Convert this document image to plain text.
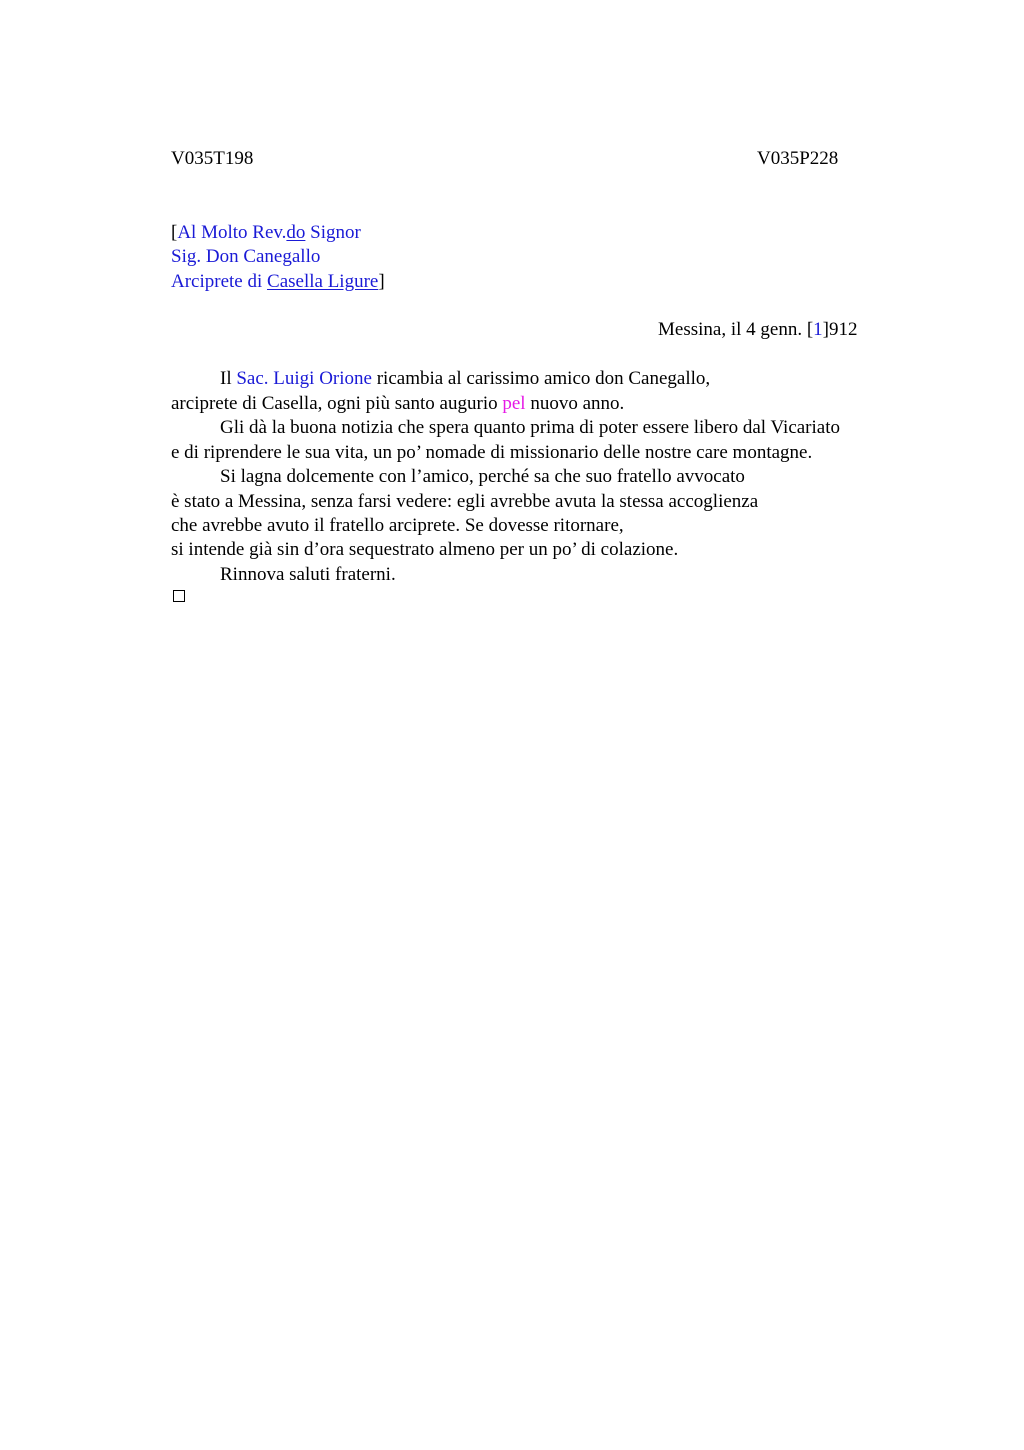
V035T198	V035P228
[Al Molto Rev.do Signor
Sig. Don Canegallo
Arciprete di Casella Ligure]
Messina, il 4 genn. [1]912
Il Sac. Luigi Orione ricambia al carissimo amico don Canegallo,
arciprete di Casella, ogni più santo augurio pel nuovo anno.
Gli dà la buona notizia che spera quanto prima di poter essere libero dal Vicariato
e di riprendere le sua vita, un po’ nomade di missionario delle nostre care montagne.
Si lagna dolcemente con l’amico, perché sa che suo fratello avvocato
è stato a Messina, senza farsi vedere: egli avrebbe avuta la stessa accoglienza
che avrebbe avuto il fratello arciprete. Se dovesse ritornare,
si intende già sin d’ora sequestrato almeno per un po’ di colazione.
Rinnova saluti fraterni.
